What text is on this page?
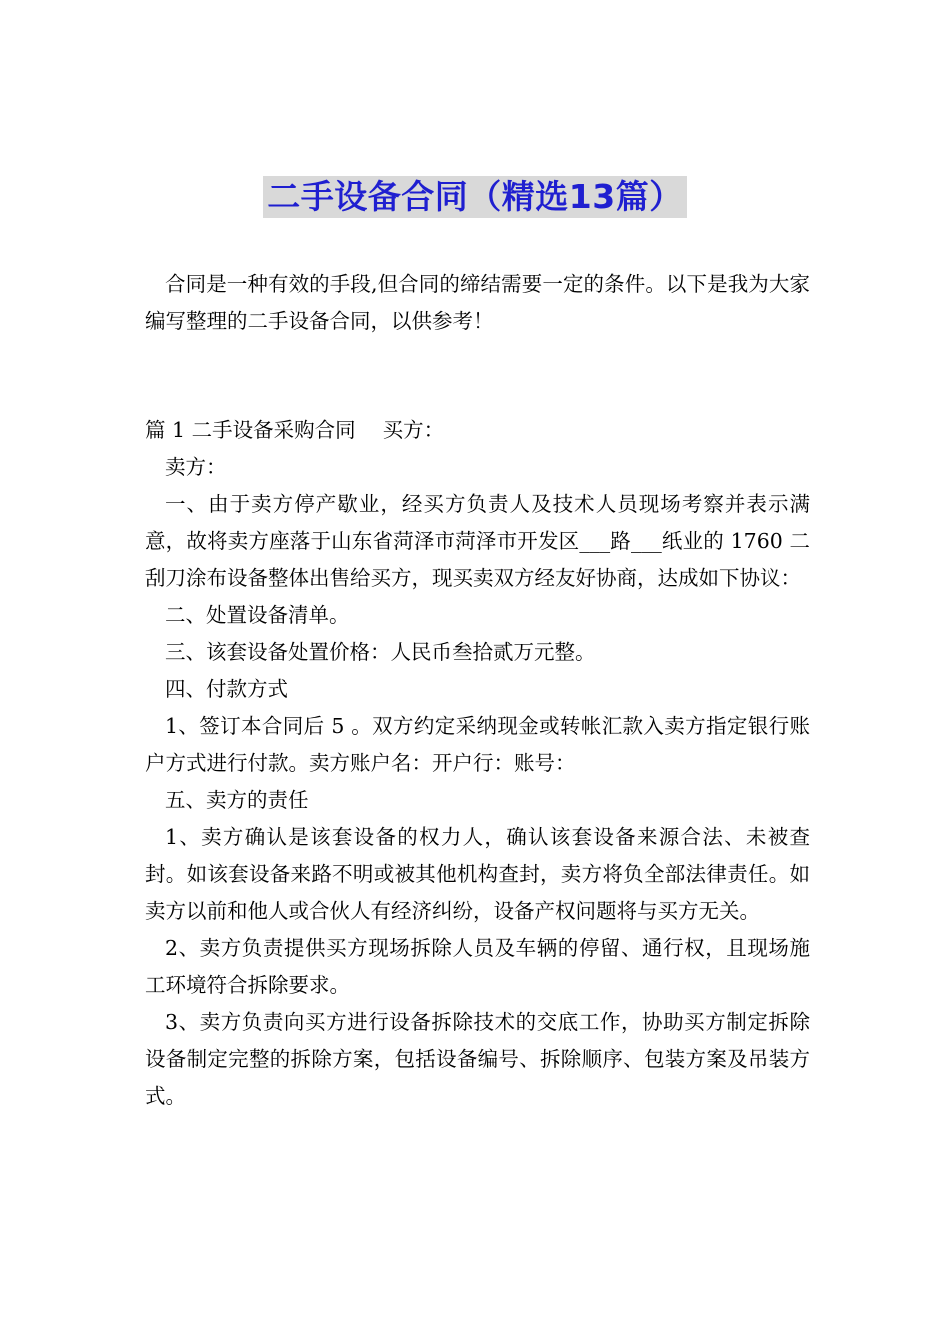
二手设备合同（精选13篇）

合同是一种有效的手段,但合同的缔结需要一定的条件。以下是我为大家编写整理的二手设备合同，以供参考！

篇 1 二手设备采购合同　 买方：

卖方：

一、由于卖方停产歇业，经买方负责人及技术人员现场考察并表示满意，故将卖方座落于山东省菏泽市菏泽市开发区___路___纸业的 1760 二刮刀涂布设备整体出售给买方，现买卖双方经友好协商，达成如下协议：

二、处置设备清单。

三、该套设备处置价格：人民币叁拾贰万元整。

四、付款方式

1、签订本合同后 5 。双方约定采纳现金或转帐汇款入卖方指定银行账户方式进行付款。卖方账户名：开户行：账号：

五、卖方的责任

1、卖方确认是该套设备的权力人，确认该套设备来源合法、未被查封。如该套设备来路不明或被其他机构查封，卖方将负全部法律责任。如卖方以前和他人或合伙人有经济纠纷，设备产权问题将与买方无关。

2、卖方负责提供买方现场拆除人员及车辆的停留、通行权，且现场施工环境符合拆除要求。

3、卖方负责向买方进行设备拆除技术的交底工作，协助买方制定拆除设备制定完整的拆除方案，包括设备编号、拆除顺序、包装方案及吊装方式。
